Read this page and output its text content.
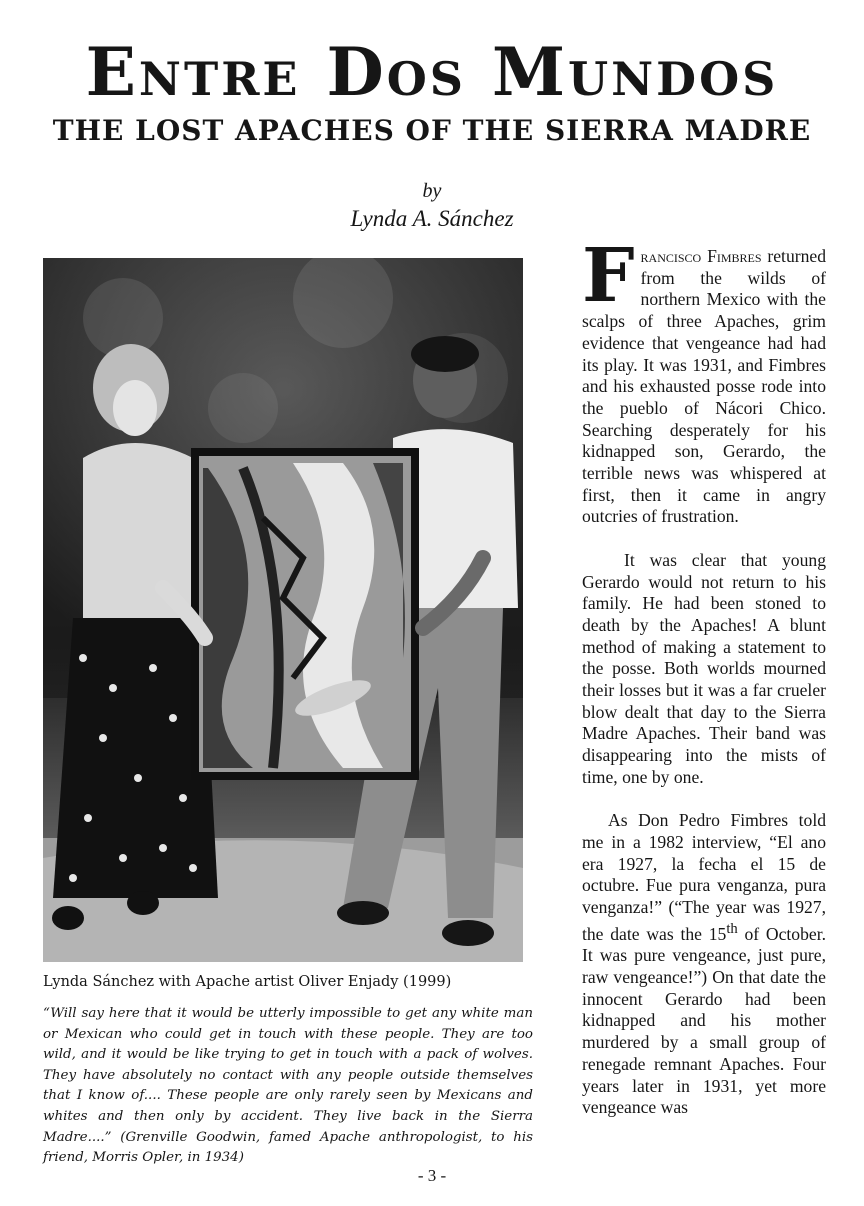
Entre Dos Mundos
THE LOST APACHES OF THE SIERRA MADRE
by
Lynda A. Sánchez
Lynda Sánchez with Apache artist Oliver Enjady (1999)
“Will say here that it would be utterly impossible to get any white man or Mexican who could get in touch with these people. They are too wild, and it would be like trying to get in touch with a pack of wolves. They have absolutely no contact with any people outside themselves that I know of.... These people are only rarely seen by Mexicans and whites and then only by accident. They live back in the Sierra Madre....” (Grenville Goodwin, famed Apache anthropologist, to his friend, Morris Opler, in 1934)

Francisco Fimbres returned from the wilds of northern Mexico with the scalps of three Apaches, grim evidence that vengeance had had its play. It was 1931, and Fimbres and his exhausted posse rode into the pueblo of Nácori Chico. Searching desperately for his kidnapped son, Gerardo, the terrible news was whispered at first, then it came in angry outcries of frustration.

It was clear that young Gerardo would not return to his family. He had been stoned to death by the Apaches! A blunt method of making a statement to the posse. Both worlds mourned their losses but it was a far crueler blow dealt that day to the Sierra Madre Apaches. Their band was disappearing into the mists of time, one by one.

As Don Pedro Fimbres told me in a 1982 interview, “El ano era 1927, la fecha el 15 de octubre. Fue pura venganza, pura venganza!” (“The year was 1927, the date was the 15th of October. It was pure vengeance, just pure, raw vengeance!”) On that date the innocent Gerardo had been kidnapped and his mother murdered by a small group of renegade remnant Apaches. Four years later in 1931, yet more vengeance was

- 3 -
